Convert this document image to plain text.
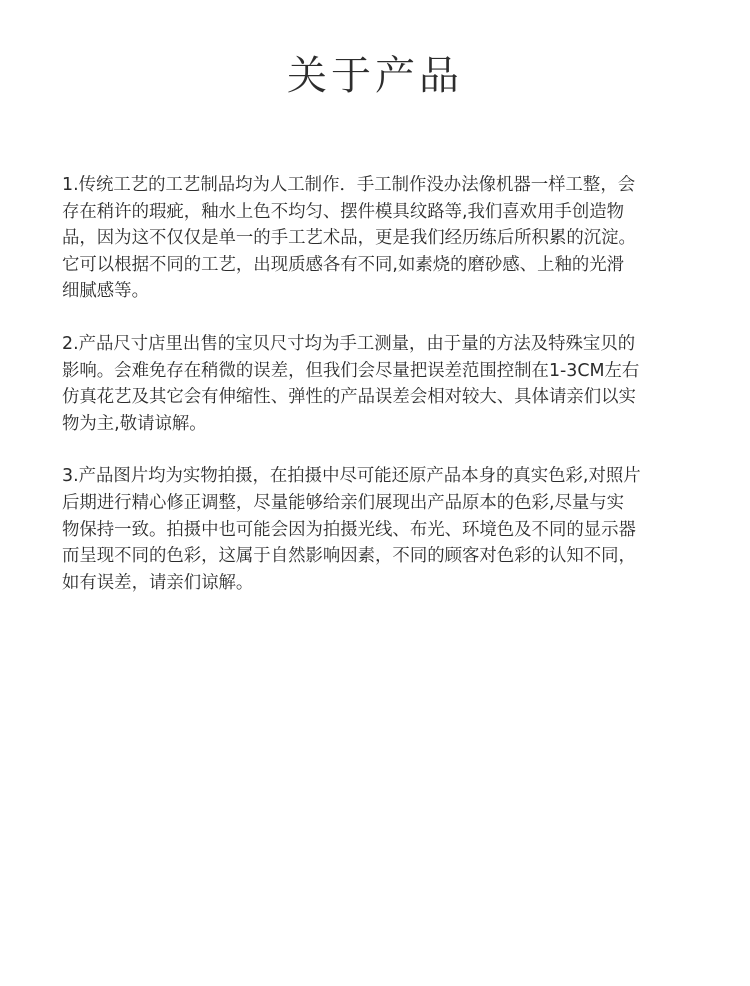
关于产品

1.传统工艺的工艺制品均为人工制作．手工制作没办法像机器一样工整，会
存在稍许的瑕疵，釉水上色不均匀、摆件模具纹路等,我们喜欢用手创造物
品，因为这不仅仅是单一的手工艺术品，更是我们经历练后所积累的沉淀。
它可以根据不同的工艺，出现质感各有不同,如素烧的磨砂感、上釉的光滑
细腻感等。

2.产品尺寸店里出售的宝贝尺寸均为手工测量，由于量的方法及特殊宝贝的
影响。会难免存在稍微的误差，但我们会尽量把误差范围控制在1-3CM左右
仿真花艺及其它会有伸缩性、弹性的产品误差会相对较大、具体请亲们以实
物为主,敬请谅解。

3.产品图片均为实物拍摄，在拍摄中尽可能还原产品本身的真实色彩,对照片
后期进行精心修正调整，尽量能够给亲们展现出产品原本的色彩,尽量与实
物保持一致。拍摄中也可能会因为拍摄光线、布光、环境色及不同的显示器
而呈现不同的色彩，这属于自然影响因素，不同的顾客对色彩的认知不同，
如有误差，请亲们谅解。
